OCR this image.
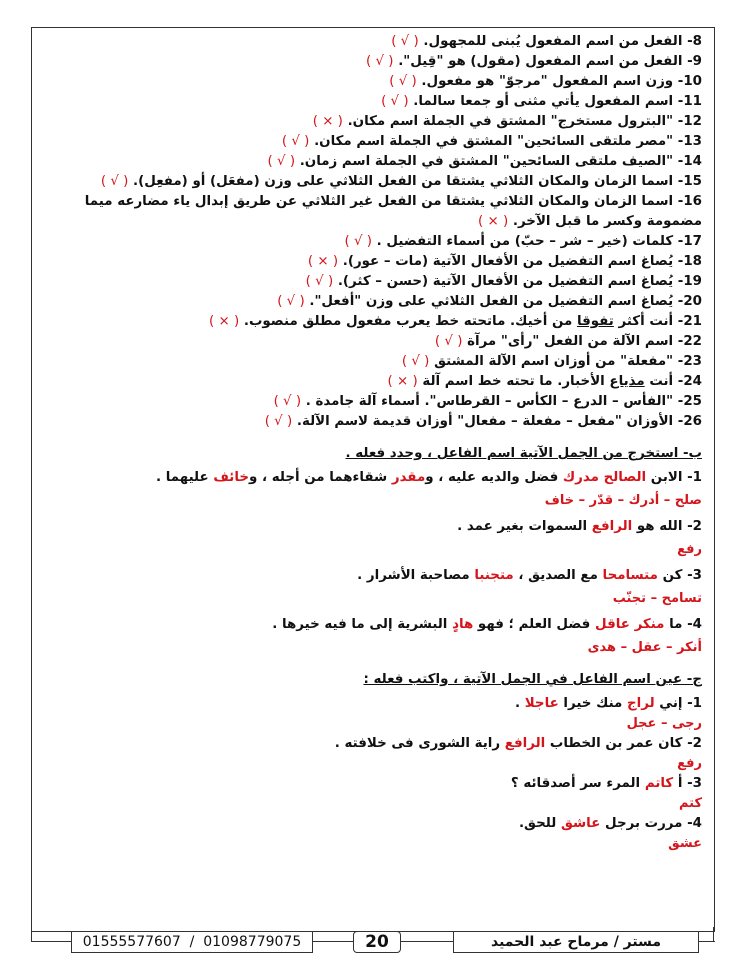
8- الفعل من اسم المفعول يُبنى للمجهول. ( √ )
9- الفعل من اسم المفعول (مقول) هو "قِيل". ( √ )
10- وزن اسم المفعول "مرجوّ" هو مفعول. ( √ )
11- اسم المفعول يأتي مثنى أو جمعا سالما. ( √ )
12- "البترول مستخرج" المشتق في الجملة اسم مكان. ( × )
13- "مصر ملتقى السائحين" المشتق في الجملة اسم مكان. ( √ )
14- "الصيف ملتقى السائحين" المشتق في الجملة اسم زمان. ( √ )
15- اسما الزمان والمكان الثلاثي يشتقا من الفعل الثلاثي على وزن (مفعَل) أو (مفعِل). ( √ )
16- اسما الزمان والمكان الثلاثي يشتقا من الفعل غير الثلاثي عن طريق إبدال ياء مضارعه ميما مضمومة وكسر ما قبل الآخر. ( × )
17- كلمات (خير – شر – حبّ) من أسماء التفضيل . ( √ )
18- يُصاغ اسم التفضيل من الأفعال الآتية (مات – عور). ( × )
19- يُصاغ اسم التفضيل من الأفعال الآتية (حسن – كثر). ( √ )
20- يُصاغ اسم التفضيل من الفعل الثلاثي على وزن "أفعل". ( √ )
21- أنت أكثر تفوقا من أخيك. ماتحته خط يعرب مفعول مطلق منصوب. ( × )
22- اسم الآلة من الفعل "رأى" مرآة ( √ )
23- "مفعلة" من أوزان اسم الآلة المشتق ( √ )
24- أنت مذياع الأخبار. ما تحته خط اسم آلة ( × )
25- "الفأس – الدرع – الكأس – القرطاس". أسماء آلة جامدة . ( √ )
26- الأوزان "مفعل – مفعلة – مفعال" أوزان قديمة لاسم الآلة. ( √ )
ب- استخرج من الجمل الآتية اسم الفاعل ، وحدد فعله .
1- الابن الصالح مدرك فضل والديه عليه ، ومقدر شقاءهما من أجله ، وخائف عليهما .
صلح – أدرك – قدّر – خاف
2- الله هو الرافع السموات بغير عمد .
رفع
3- كن متسامحا مع الصديق ، متجنبا مصاحبة الأشرار .
تسامح – تجنّب
4- ما منكر عاقل فضل العلم ؛ فهو هادٍ البشرية إلى ما فيه خيرها .
أنكر – عقل – هدى
ج- عين اسم الفاعل في الجمل الآتية ، واكتب فعله :
1- إني لراج منك خيرا عاجلا .
رجى – عجل
2- كان عمر بن الخطاب الرافع راية الشورى فى خلافته .
رفع
3- أ كاتم المرء سر أصدقائه ؟
كتم
4- مررت برجل عاشق للحق.
عشق
01555577607  /  01098779075	20	مستر / مرماح عبد الحميد
